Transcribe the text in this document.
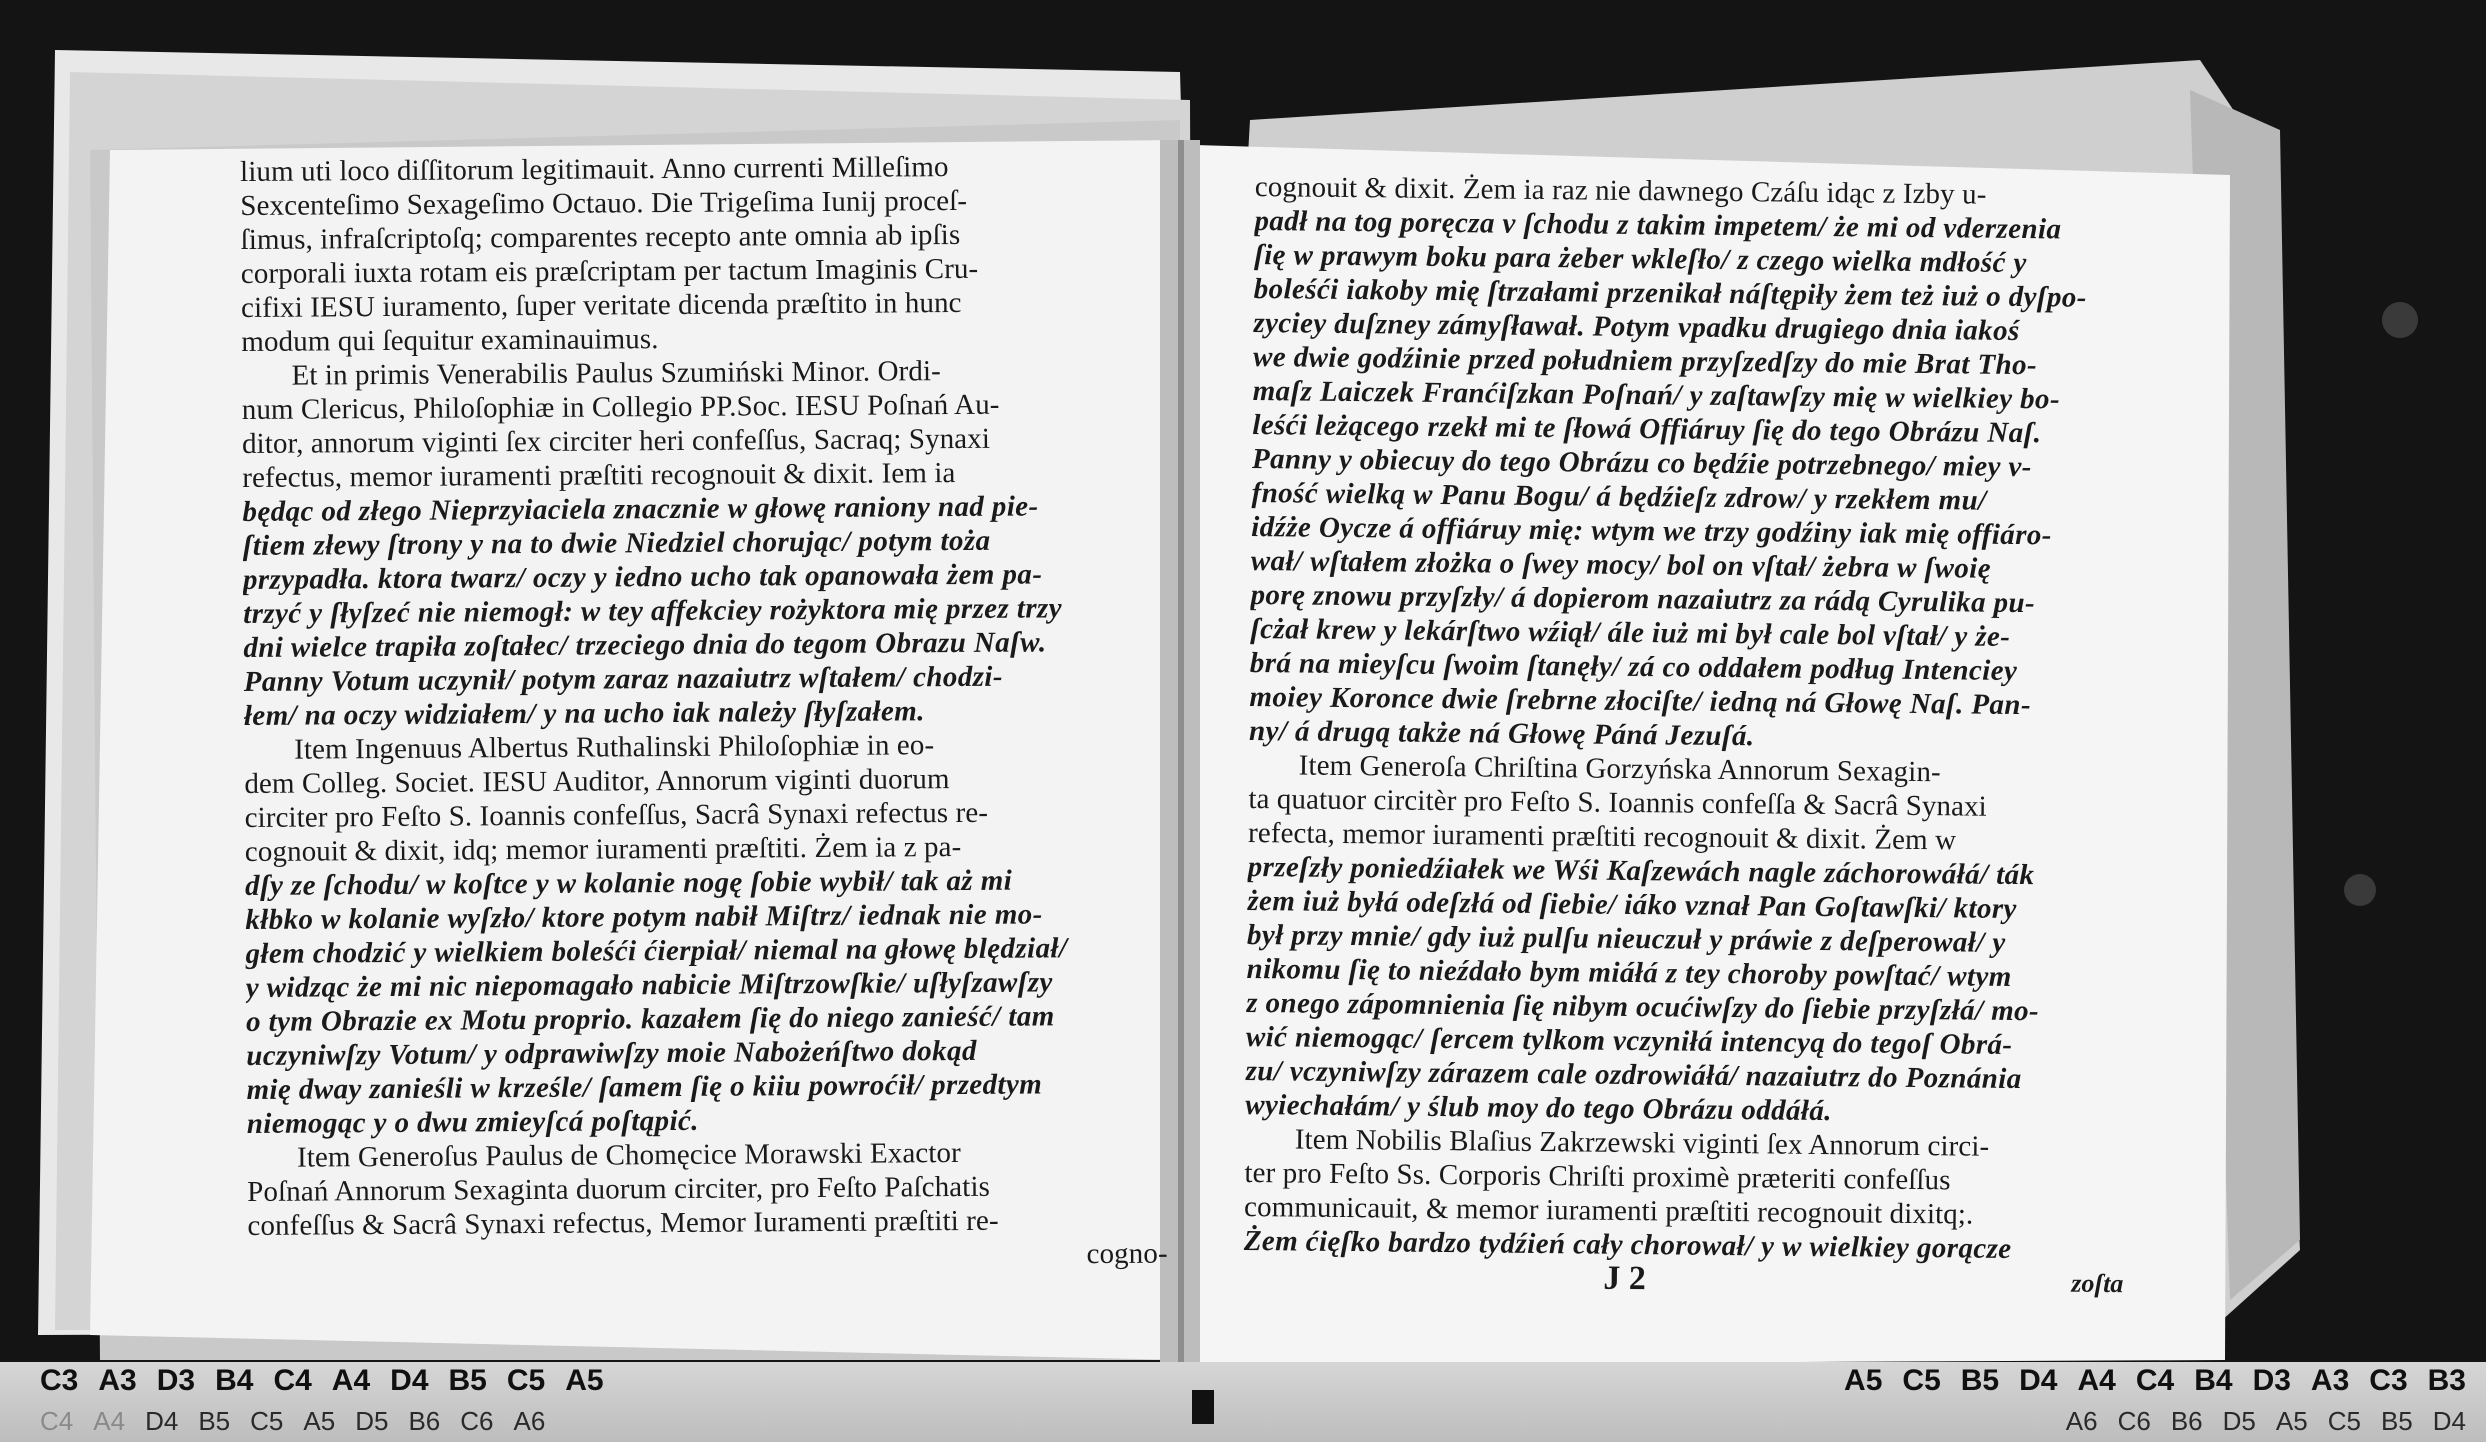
lium uti loco diſſitorum legitimauit. Anno currenti Milleſimo
Sexcenteſimo Sexageſimo Octauo. Die Trigeſima Iunij proceſ-
ſimus, infraſcriptoſq; comparentes recepto ante omnia ab ipſis
corporali iuxta rotam eis præſcriptam per tactum Imaginis Cru-
cifixi IESU iuramento, ſuper veritate dicenda præſtito in hunc
modum qui ſequitur examinauimus.
Et in primis Venerabilis Paulus Szumiński Minor. Ordi-
num Clericus, Philoſophiæ in Collegio PP.Soc. IESU Poſnań Au-
ditor, annorum viginti ſex circiter heri confeſſus, Sacraq; Synaxi
refectus, memor iuramenti præſtiti recognouit & dixit. Iem ia
będąc od złego Nieprzyiaciela znacznie w głowę raniony nad pie-
ſtiem złewy ſtrony y na to dwie Niedziel chorując/ potym toża
przypadła. ktora twarz/ oczy y iedno ucho tak opanowała żem pa-
trzyć y ſłyſzeć nie niemogł: w tey affekciey rożyktora mię przez trzy
dni wielce trapiła zoſtałec/ trzeciego dnia do tegom Obrazu Naſw.
Panny Votum uczynił/ potym zaraz nazaiutrz wſtałem/ chodzi-
łem/ na oczy widziałem/ y na ucho iak należy ſłyſzałem.
Item Ingenuus Albertus Ruthalinski Philoſophiæ in eo-
dem Colleg. Societ. IESU Auditor, Annorum viginti duorum
circiter pro Feſto S. Ioannis confeſſus, Sacrâ Synaxi refectus re-
cognouit & dixit, idq; memor iuramenti præſtiti. Żem ia z pa-
dſy ze ſchodu/ w koſtce y w kolanie nogę ſobie wybił/ tak aż mi
kłbko w kolanie wyſzło/ ktore potym nabił Miſtrz/ iednak nie mo-
głem chodzić y wielkiem boleśći ćierpiał/ niemal na głowę blędział/
y widząc że mi nic niepomagało nabicie Miſtrzowſkie/ uſłyſzawſzy
o tym Obrazie ex Motu proprio. kazałem ſię do niego zanieść/ tam
uczyniwſzy Votum/ y odprawiwſzy moie Nabożeńſtwo dokąd
mię dway zanieśli w krześle/ ſamem ſię o kiiu powroćił/ przedtym
niemogąc y o dwu zmieyſcá poſtąpić.
Item Generoſus Paulus de Chomęcice Morawski Exactor
Poſnań Annorum Sexaginta duorum circiter, pro Feſto Paſchatis
confeſſus & Sacrâ Synaxi refectus, Memor Iuramenti præſtiti re-
cogno-
cognouit & dixit. Żem ia raz nie dawnego Czáſu idąc z Izby u-
padł na tog poręcza v ſchodu z takim impetem/ że mi od vderzenia
ſię w prawym boku para żeber wkleſło/ z czego wielka mdłość y
boleśći iakoby mię ſtrzałami przenikał náſtępiły żem też iuż o dyſpo-
zyciey duſzney zámyſławał. Potym vpadku drugiego dnia iakoś
we dwie godźinie przed południem przyſzedſzy do mie Brat Tho-
maſz Laiczek Franćiſzkan Poſnań/ y zaſtawſzy mię w wielkiey bo-
leśći leżącego rzekł mi te ſłowá Offiáruy ſię do tego Obrázu Naſ.
Panny y obiecuy do tego Obrázu co będźie potrzebnego/ miey v-
fność wielką w Panu Bogu/ á będźieſz zdrow/ y rzekłem mu/
idźże Oycze á offiáruy mię: wtym we trzy godźiny iak mię offiáro-
wał/ wſtałem złożka o ſwey mocy/ bol on vſtał/ żebra w ſwoię
porę znowu przyſzły/ á dopierom nazaiutrz za rádą Cyrulika pu-
ſcżał krew y lekárſtwo wźiął/ ále iuż mi był cale bol vſtał/ y że-
brá na mieyſcu ſwoim ſtanęły/ zá co oddałem podług Intenciey
moiey Koronce dwie ſrebrne złociſte/ iedną ná Głowę Naſ. Pan-
ny/ á drugą także ná Głowę Páná Jezuſá.
Item Generoſa Chriſtina Gorzyńska Annorum Sexagin-
ta quatuor circitèr pro Feſto S. Ioannis confeſſa & Sacrâ Synaxi
refecta, memor iuramenti præſtiti recognouit & dixit. Żem w
przeſzły poniedźiałek we Wśi Kaſzewách nagle záchorowáłá/ ták
żem iuż byłá odeſzłá od ſiebie/ iáko vznał Pan Goſtawſki/ ktory
był przy mnie/ gdy iuż pulſu nieuczuł y práwie z deſperował/ y
nikomu ſię to nieźdało bym miáłá z tey choroby powſtać/ wtym
z onego zápomnienia ſię nibym ocućiwſzy do ſiebie przyſzłá/ mo-
wić niemogąc/ ſercem tylkom vczyniłá intencyą do tegoſ Obrá-
zu/ vczyniwſzy zárazem cale ozdrowiáłá/ nazaiutrz do Poznánia
wyiechałám/ y ślub moy do tego Obrázu oddáłá.
Item Nobilis Blaſius Zakrzewski viginti ſex Annorum circi-
ter pro Feſto Ss. Corporis Chriſti proximè præteriti confeſſus
communicauit, & memor iuramenti præſtiti recognouit dixitq;.
Żem ćięſko bardzo tydźień cały chorował/ y w wielkiey gorącze
J 2	zoſta
C3 A3 D3 B4 C4 A4 D4 B5 C5 A5
C4 A4 D4 B5 C5 A5 D5 B6 C6 A6
A5 C5 B5 D4 A4 C4 B4 D3 A3 C3 B3
A6 C6 B6 D5 A5 C5 B5 D4
